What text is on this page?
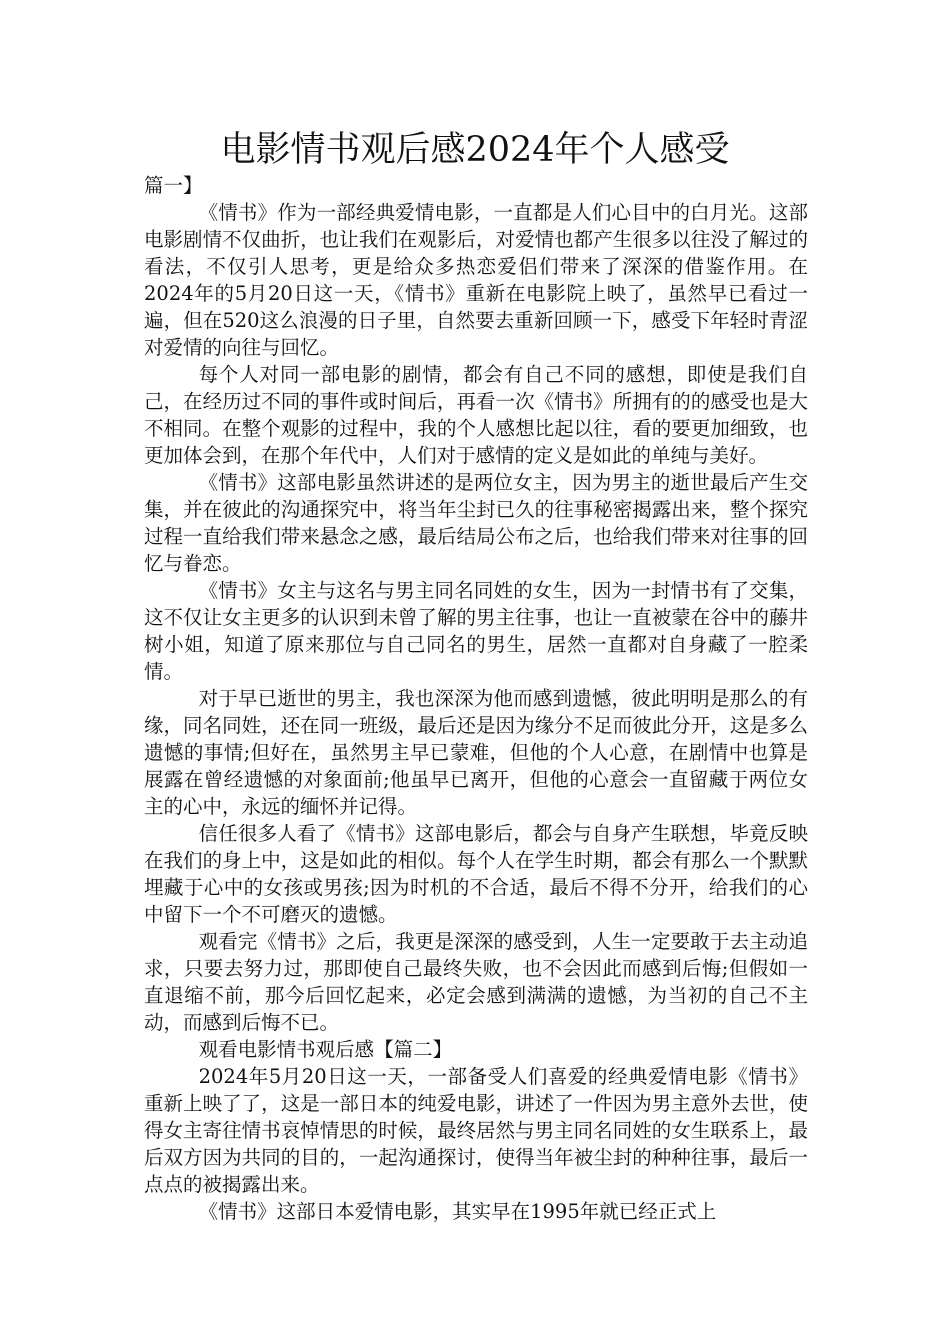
电影情书观后感2024年个人感受

篇一】

《情书》作为一部经典爱情电影，一直都是人们心目中的白月光。这部电影剧情不仅曲折，也让我们在观影后，对爱情也都产生很多以往没了解过的看法，不仅引人思考，更是给众多热恋爱侣们带来了深深的借鉴作用。在2024年的5月20日这一天，《情书》重新在电影院上映了，虽然早已看过一遍，但在520这么浪漫的日子里，自然要去重新回顾一下，感受下年轻时青涩对爱情的向往与回忆。

每个人对同一部电影的剧情，都会有自己不同的感想，即使是我们自己，在经历过不同的事件或时间后，再看一次《情书》所拥有的的感受也是大不相同。在整个观影的过程中，我的个人感想比起以往，看的要更加细致，也更加体会到，在那个年代中，人们对于感情的定义是如此的单纯与美好。

《情书》这部电影虽然讲述的是两位女主，因为男主的逝世最后产生交集，并在彼此的沟通探究中，将当年尘封已久的往事秘密揭露出来，整个探究过程一直给我们带来悬念之感，最后结局公布之后，也给我们带来对往事的回忆与眷恋。

《情书》女主与这名与男主同名同姓的女生，因为一封情书有了交集，这不仅让女主更多的认识到未曾了解的男主往事，也让一直被蒙在谷中的藤井树小姐，知道了原来那位与自己同名的男生，居然一直都对自身藏了一腔柔情。

对于早已逝世的男主，我也深深为他而感到遗憾，彼此明明是那么的有缘，同名同姓，还在同一班级，最后还是因为缘分不足而彼此分开，这是多么遗憾的事情;但好在，虽然男主早已蒙难，但他的个人心意，在剧情中也算是展露在曾经遗憾的对象面前;他虽早已离开，但他的心意会一直留藏于两位女主的心中，永远的缅怀并记得。

信任很多人看了《情书》这部电影后，都会与自身产生联想，毕竟反映在我们的身上中，这是如此的相似。每个人在学生时期，都会有那么一个默默埋藏于心中的女孩或男孩;因为时机的不合适，最后不得不分开，给我们的心中留下一个不可磨灭的遗憾。

观看完《情书》之后，我更是深深的感受到，人生一定要敢于去主动追求，只要去努力过，那即使自己最终失败，也不会因此而感到后悔;但假如一直退缩不前，那今后回忆起来，必定会感到满满的遗憾，为当初的自己不主动，而感到后悔不已。

观看电影情书观后感【篇二】

2024年5月20日这一天，一部备受人们喜爱的经典爱情电影《情书》重新上映了了，这是一部日本的纯爱电影，讲述了一件因为男主意外去世，使得女主寄往情书哀悼情思的时候，最终居然与男主同名同姓的女生联系上，最后双方因为共同的目的，一起沟通探讨，使得当年被尘封的种种往事，最后一点点的被揭露出来。

《情书》这部日本爱情电影，其实早在1995年就已经正式上
